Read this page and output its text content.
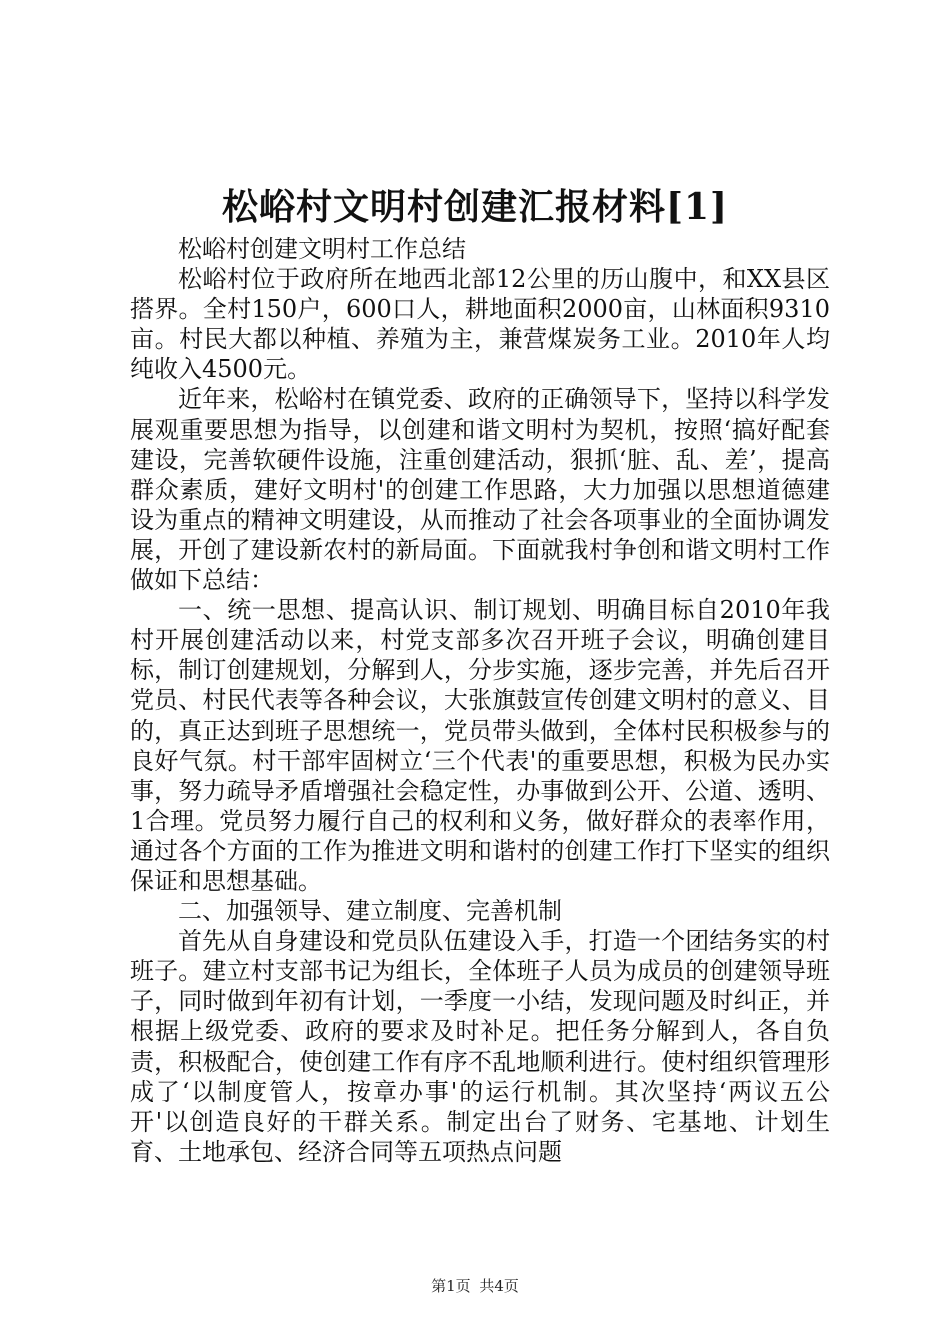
松峪村文明村创建汇报材料[1]

松峪村创建文明村工作总结

松峪村位于政府所在地西北部12公里的历山腹中，和XX县区搭界。全村150户，600口人，耕地面积2000亩，山林面积9310亩。村民大都以种植、养殖为主，兼营煤炭务工业。2010年人均纯收入4500元。

近年来，松峪村在镇党委、政府的正确领导下，坚持以科学发展观重要思想为指导，以创建和谐文明村为契机，按照‘搞好配套建设，完善软硬件设施，注重创建活动，狠抓‘脏、乱、差’，提高群众素质，建好文明村'的创建工作思路，大力加强以思想道德建设为重点的精神文明建设，从而推动了社会各项事业的全面协调发展，开创了建设新农村的新局面。下面就我村争创和谐文明村工作做如下总结：

一、统一思想、提高认识、制订规划、明确目标自2010年我村开展创建活动以来，村党支部多次召开班子会议，明确创建目标，制订创建规划，分解到人，分步实施，逐步完善，并先后召开党员、村民代表等各种会议，大张旗鼓宣传创建文明村的意义、目的，真正达到班子思想统一，党员带头做到，全体村民积极参与的良好气氛。村干部牢固树立‘三个代表'的重要思想，积极为民办实事，努力疏导矛盾增强社会稳定性，办事做到公开、公道、透明、1合理。党员努力履行自己的权利和义务，做好群众的表率作用，通过各个方面的工作为推进文明和谐村的创建工作打下坚实的组织保证和思想基础。

二、加强领导、建立制度、完善机制

首先从自身建设和党员队伍建设入手，打造一个团结务实的村班子。建立村支部书记为组长，全体班子人员为成员的创建领导班子，同时做到年初有计划，一季度一小结，发现问题及时纠正，并根据上级党委、政府的要求及时补足。把任务分解到人，各自负责，积极配合，使创建工作有序不乱地顺利进行。使村组织管理形成了‘以制度管人，按章办事'的运行机制。其次坚持‘两议五公开'以创造良好的干群关系。制定出台了财务、宅基地、计划生育、土地承包、经济合同等五项热点问题

第1页 共4页
